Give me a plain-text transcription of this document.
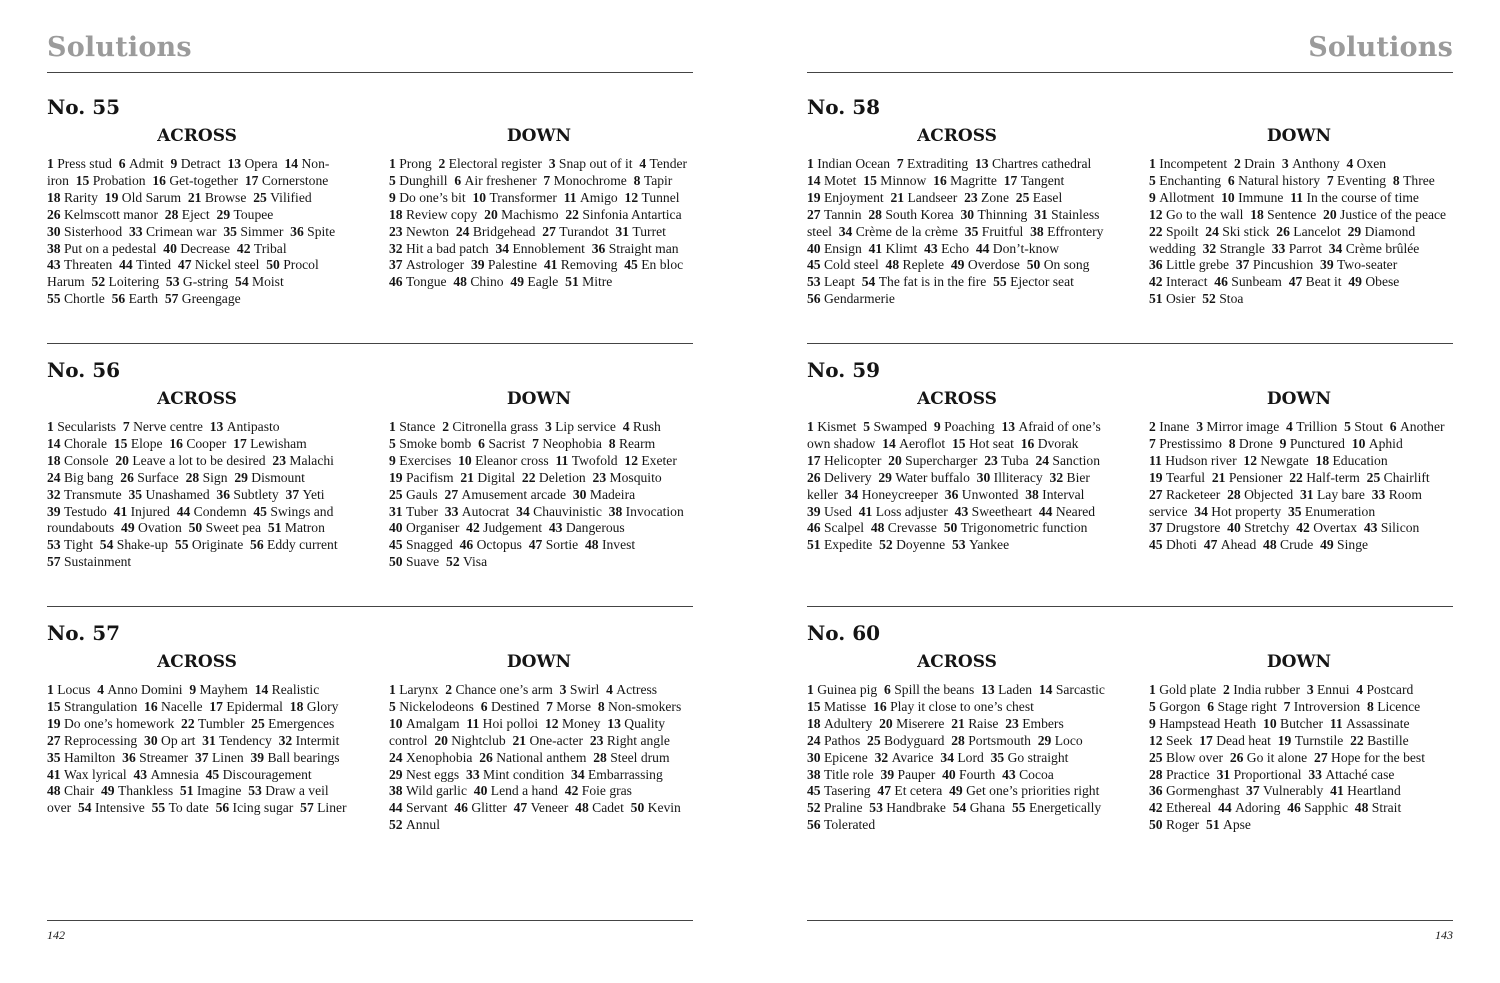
Solutions
No. 55
ACROSS	DOWN

1 Press stud 6 Admit 9 Detract 13 Opera 14 Non-iron 15 Probation 16 Get-together 17 Cornerstone  18 Rarity 19 Old Sarum 21 Browse 25 Vilified  26 Kelmscott manor 28 Eject 29 Toupee  30 Sisterhood 33 Crimean war 35 Simmer 36 Spite  38 Put on a pedestal 40 Decrease 42 Tribal  43 Threaten 44 Tinted 47 Nickel steel 50 Procol Harum 52 Loitering 53 G-string 54 Moist  55 Chortle 56 Earth 57 Greengage

1 Prong 2 Electoral register 3 Snap out of it 4 Tender  5 Dunghill 6 Air freshener 7 Monochrome 8 Tapir  9 Do one’s bit 10 Transformer 11 Amigo 12 Tunnel  18 Review copy 20 Machismo 22 Sinfonia Antartica  23 Newton 24 Bridgehead 27 Turandot 31 Turret  32 Hit a bad patch 34 Ennoblement 36 Straight man  37 Astrologer 39 Palestine 41 Removing 45 En bloc  46 Tongue 48 Chino 49 Eagle 51 Mitre

No. 56
ACROSS	DOWN

1 Secularists 7 Nerve centre 13 Antipasto  14 Chorale 15 Elope 16 Cooper 17 Lewisham  18 Console 20 Leave a lot to be desired 23 Malachi  24 Big bang 26 Surface 28 Sign 29 Dismount  32 Transmute 35 Unashamed 36 Subtlety 37 Yeti  39 Testudo 41 Injured 44 Condemn 45 Swings and roundabouts 49 Ovation 50 Sweet pea 51 Matron  53 Tight 54 Shake-up 55 Originate 56 Eddy current  57 Sustainment

1 Stance 2 Citronella grass 3 Lip service 4 Rush  5 Smoke bomb 6 Sacrist 7 Neophobia 8 Rearm  9 Exercises 10 Eleanor cross 11 Twofold 12 Exeter  19 Pacifism 21 Digital 22 Deletion 23 Mosquito  25 Gauls 27 Amusement arcade 30 Madeira  31 Tuber 33 Autocrat 34 Chauvinistic 38 Invocation  40 Organiser 42 Judgement 43 Dangerous  45 Snagged 46 Octopus 47 Sortie 48 Invest  50 Suave 52 Visa

No. 57
ACROSS	DOWN

1 Locus 4 Anno Domini 9 Mayhem 14 Realistic  15 Strangulation 16 Nacelle 17 Epidermal 18 Glory  19 Do one’s homework 22 Tumbler 25 Emergences  27 Reprocessing 30 Op art 31 Tendency 32 Intermit  35 Hamilton 36 Streamer 37 Linen 39 Ball bearings  41 Wax lyrical 43 Amnesia 45 Discouragement  48 Chair 49 Thankless 51 Imagine 53 Draw a veil over 54 Intensive 55 To date 56 Icing sugar 57 Liner

1 Larynx 2 Chance one’s arm 3 Swirl 4 Actress  5 Nickelodeons 6 Destined 7 Morse 8 Non-smokers  10 Amalgam 11 Hoi polloi 12 Money 13 Quality control 20 Nightclub 21 One-acter 23 Right angle  24 Xenophobia 26 National anthem 28 Steel drum  29 Nest eggs 33 Mint condition 34 Embarrassing  38 Wild garlic 40 Lend a hand 42 Foie gras  44 Servant 46 Glitter 47 Veneer 48 Cadet 50 Kevin  52 Annul

142
Solutions
No. 58
ACROSS	DOWN

1 Indian Ocean 7 Extraditing 13 Chartres cathedral  14 Motet 15 Minnow 16 Magritte 17 Tangent  19 Enjoyment 21 Landseer 23 Zone 25 Easel  27 Tannin 28 South Korea 30 Thinning 31 Stainless steel 34 Crème de la crème 35 Fruitful 38 Effrontery  40 Ensign 41 Klimt 43 Echo 44 Don’t-know  45 Cold steel 48 Replete 49 Overdose 50 On song  53 Leapt 54 The fat is in the fire 55 Ejector seat  56 Gendarmerie

1 Incompetent 2 Drain 3 Anthony 4 Oxen  5 Enchanting 6 Natural history 7 Eventing 8 Three  9 Allotment 10 Immune 11 In the course of time  12 Go to the wall 18 Sentence 20 Justice of the peace  22 Spoilt 24 Ski stick 26 Lancelot 29 Diamond wedding 32 Strangle 33 Parrot 34 Crème brûlée  36 Little grebe 37 Pincushion 39 Two-seater  42 Interact 46 Sunbeam 47 Beat it 49 Obese  51 Osier 52 Stoa

No. 59
ACROSS	DOWN

1 Kismet 5 Swamped 9 Poaching 13 Afraid of one’s own shadow 14 Aeroflot 15 Hot seat 16 Dvorak  17 Helicopter 20 Supercharger 23 Tuba 24 Sanction  26 Delivery 29 Water buffalo 30 Illiteracy 32 Bier keller 34 Honeycreeper 36 Unwonted 38 Interval  39 Used 41 Loss adjuster 43 Sweetheart 44 Neared  46 Scalpel 48 Crevasse 50 Trigonometric function  51 Expedite 52 Doyenne 53 Yankee

2 Inane 3 Mirror image 4 Trillion 5 Stout 6 Another  7 Prestissimo 8 Drone 9 Punctured 10 Aphid  11 Hudson river 12 Newgate 18 Education  19 Tearful 21 Pensioner 22 Half-term 25 Chairlift  27 Racketeer 28 Objected 31 Lay bare 33 Room service 34 Hot property 35 Enumeration  37 Drugstore 40 Stretchy 42 Overtax 43 Silicon  45 Dhoti 47 Ahead 48 Crude 49 Singe

No. 60
ACROSS	DOWN

1 Guinea pig 6 Spill the beans 13 Laden 14 Sarcastic  15 Matisse 16 Play it close to one’s chest  18 Adultery 20 Miserere 21 Raise 23 Embers  24 Pathos 25 Bodyguard 28 Portsmouth 29 Loco  30 Epicene 32 Avarice 34 Lord 35 Go straight  38 Title role 39 Pauper 40 Fourth 43 Cocoa  45 Tasering 47 Et cetera 49 Get one’s priorities right  52 Praline 53 Handbrake 54 Ghana 55 Energetically  56 Tolerated

1 Gold plate 2 India rubber 3 Ennui 4 Postcard  5 Gorgon 6 Stage right 7 Introversion 8 Licence  9 Hampstead Heath 10 Butcher 11 Assassinate  12 Seek 17 Dead heat 19 Turnstile 22 Bastille  25 Blow over 26 Go it alone 27 Hope for the best  28 Practice 31 Proportional 33 Attaché case  36 Gormenghast 37 Vulnerably 41 Heartland  42 Ethereal 44 Adoring 46 Sapphic 48 Strait  50 Roger 51 Apse

143
